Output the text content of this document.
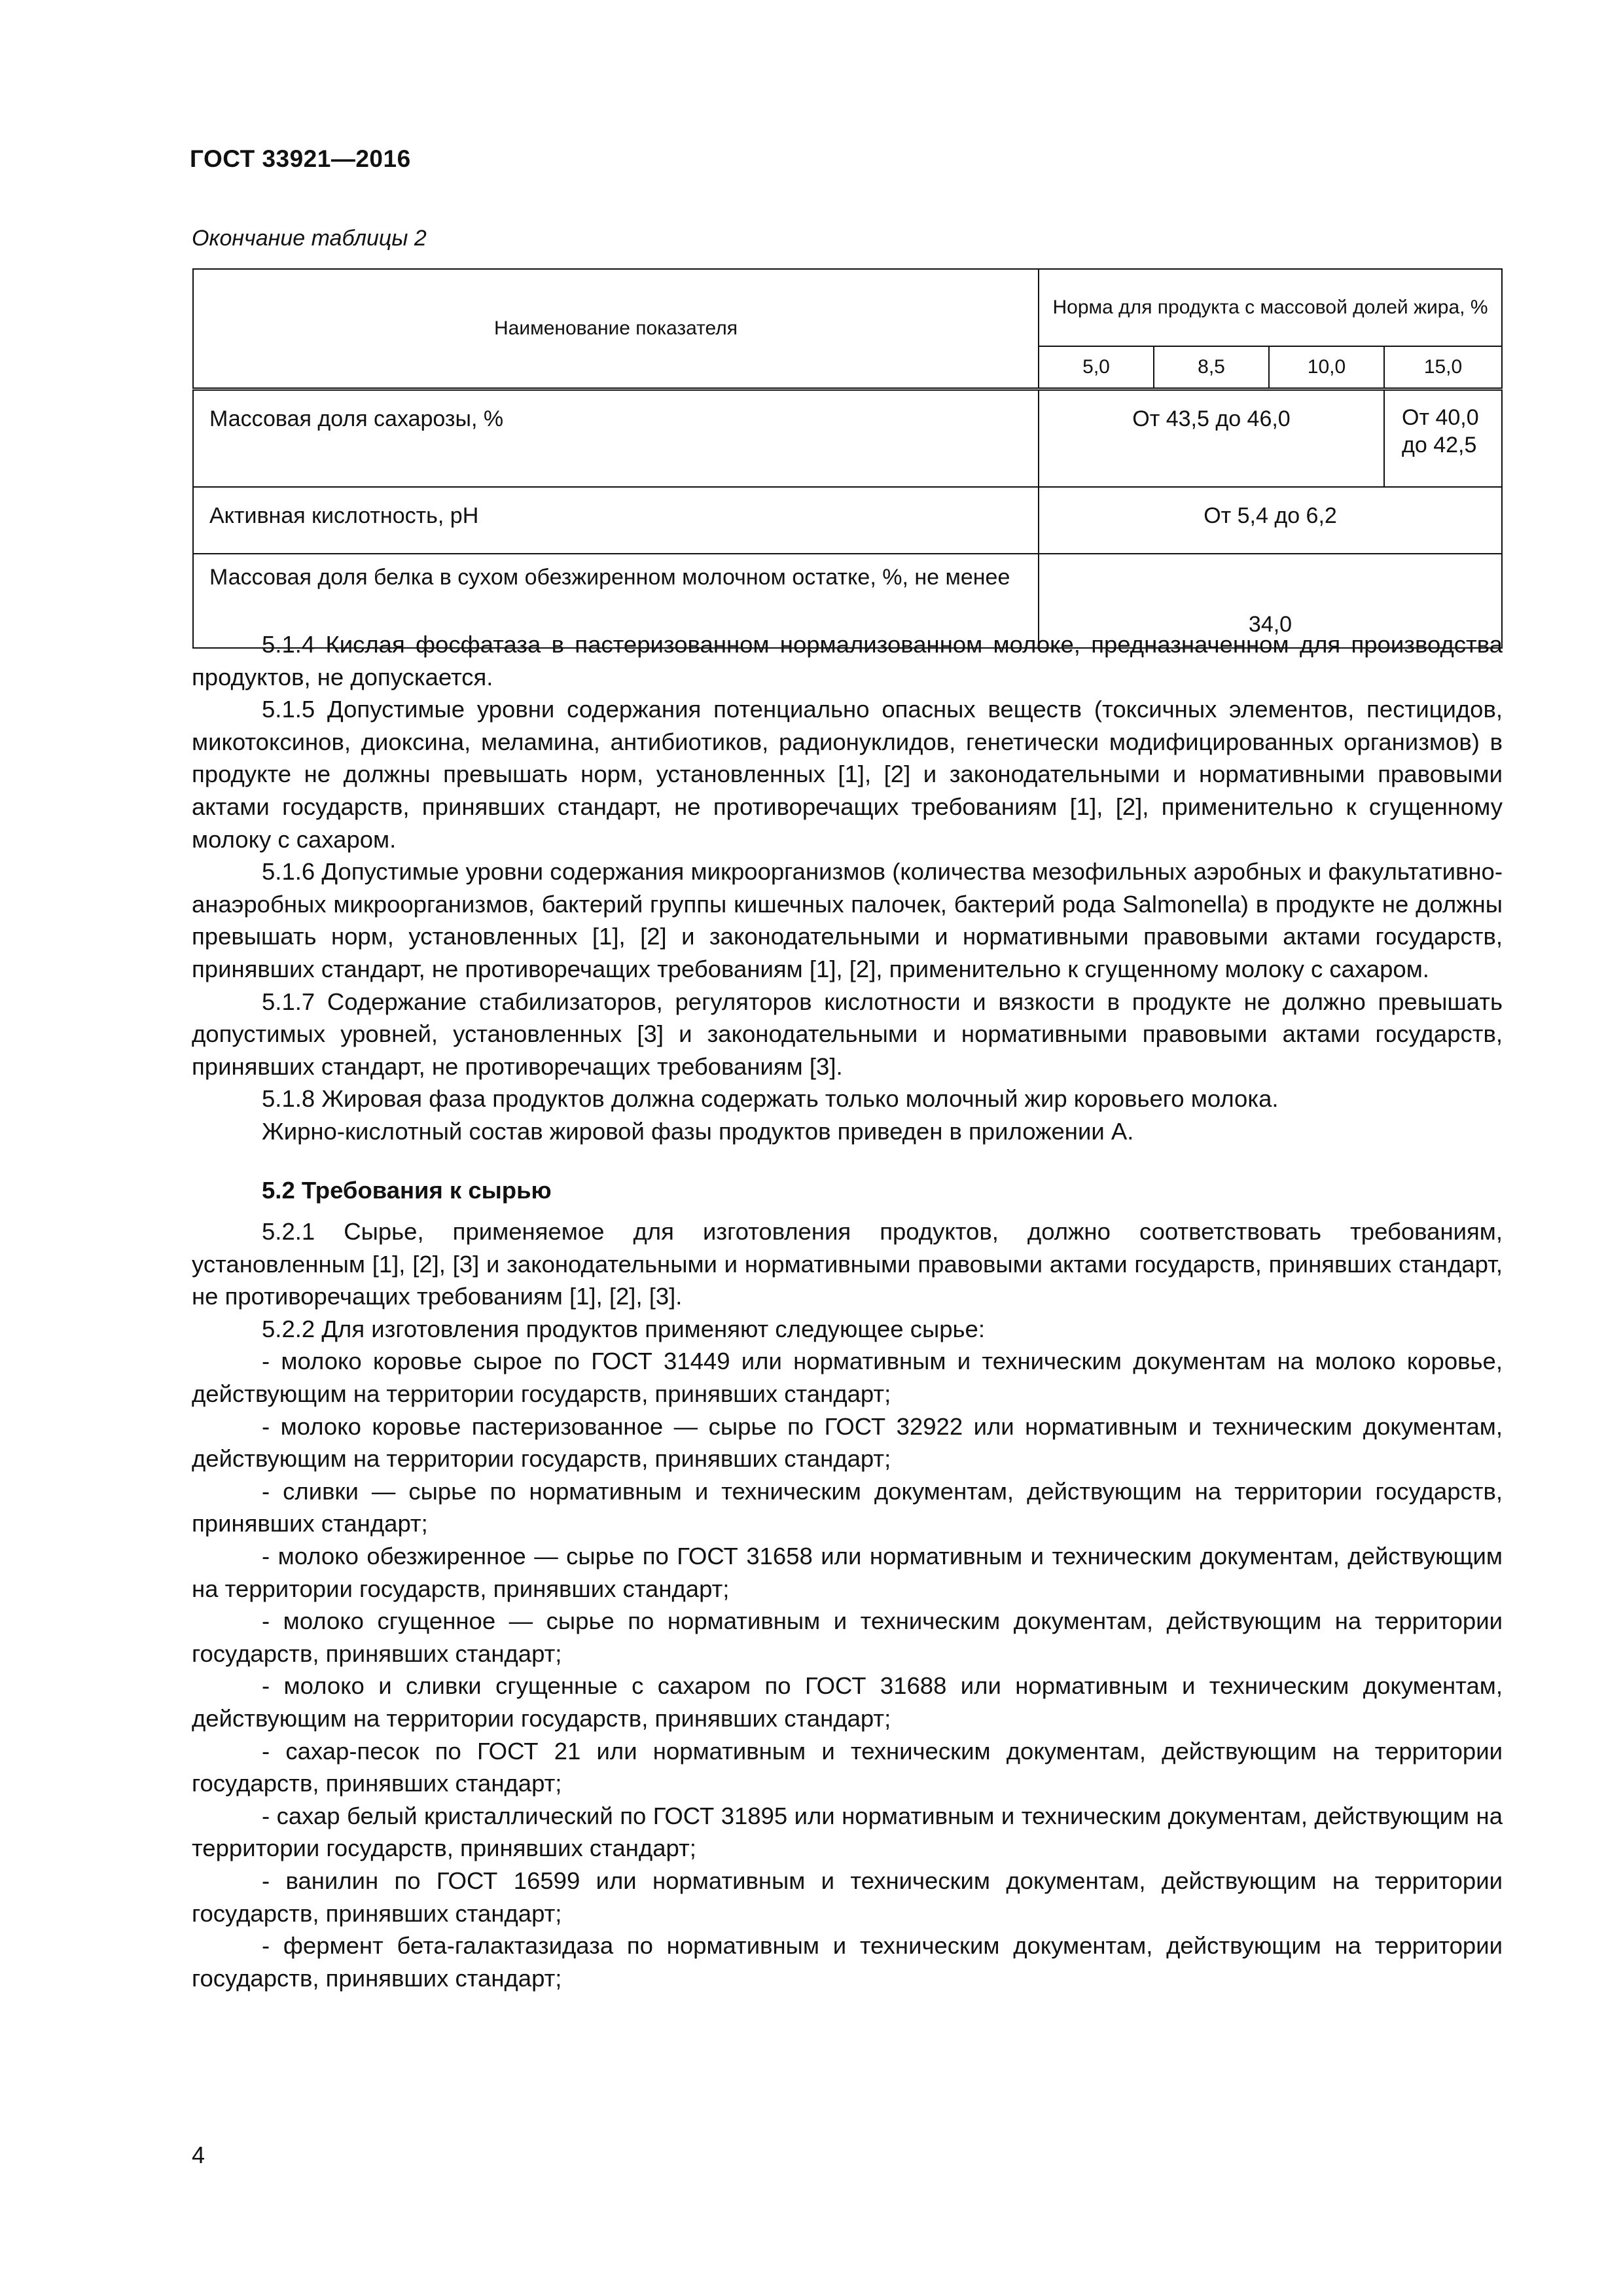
ГОСТ 33921—2016
Окончание таблицы 2
Наименование показателя	Норма для продукта с массовой долей жира, %			
	5,0	8,5	10,0	15,0
Массовая доля сахарозы, %	От 43,5 до 46,0			От 40,0 до 42,5
Активная кислотность, pH	От 5,4 до 6,2			
Массовая доля белка в сухом обезжиренном молочном остатке, %, не менее	34,0			

5.1.4 Кислая фосфатаза в пастеризованном нормализованном молоке, предназначенном для производства продуктов, не допускается.

5.1.5 Допустимые уровни содержания потенциально опасных веществ (токсичных элементов, пестицидов, микотоксинов, диоксина, меламина, антибиотиков, радионуклидов, генетически модифицированных организмов) в продукте не должны превышать норм, установленных [1], [2] и законодательными и нормативными правовыми актами государств, принявших стандарт, не противоречащих требованиям [1], [2], применительно к сгущенному молоку с сахаром.

5.1.6 Допустимые уровни содержания микроорганизмов (количества мезофильных аэробных и факультативно-анаэробных микроорганизмов, бактерий группы кишечных палочек, бактерий рода Salmonella) в продукте не должны превышать норм, установленных [1], [2] и законодательными и нормативными правовыми актами государств, принявших стандарт, не противоречащих требованиям [1], [2], применительно к сгущенному молоку с сахаром.

5.1.7 Содержание стабилизаторов, регуляторов кислотности и вязкости в продукте не должно превышать допустимых уровней, установленных [3] и законодательными и нормативными правовыми актами государств, принявших стандарт, не противоречащих требованиям [3].

5.1.8 Жировая фаза продуктов должна содержать только молочный жир коровьего молока.

Жирно-кислотный состав жировой фазы продуктов приведен в приложении А.

5.2 Требования к сырью

5.2.1 Сырье, применяемое для изготовления продуктов, должно соответствовать требованиям, установленным [1], [2], [3] и законодательными и нормативными правовыми актами государств, принявших стандарт, не противоречащих требованиям [1], [2], [3].

5.2.2 Для изготовления продуктов применяют следующее сырье:

- молоко коровье сырое по ГОСТ 31449 или нормативным и техническим документам на молоко коровье, действующим на территории государств, принявших стандарт;

- молоко коровье пастеризованное — сырье по ГОСТ 32922 или нормативным и техническим документам, действующим на территории государств, принявших стандарт;

- сливки — сырье по нормативным и техническим документам, действующим на территории государств, принявших стандарт;

- молоко обезжиренное — сырье по ГОСТ 31658 или нормативным и техническим документам, действующим на территории государств, принявших стандарт;

- молоко сгущенное — сырье по нормативным и техническим документам, действующим на территории государств, принявших стандарт;

- молоко и сливки сгущенные с сахаром по ГОСТ 31688 или нормативным и техническим документам, действующим на территории государств, принявших стандарт;

- сахар-песок по ГОСТ 21 или нормативным и техническим документам, действующим на территории государств, принявших стандарт;

- сахар белый кристаллический по ГОСТ 31895 или нормативным и техническим документам, действующим на территории государств, принявших стандарт;

- ванилин по ГОСТ 16599 или нормативным и техническим документам, действующим на территории государств, принявших стандарт;

- фермент бета-галактазидаза по нормативным и техническим документам, действующим на территории государств, принявших стандарт;

4
